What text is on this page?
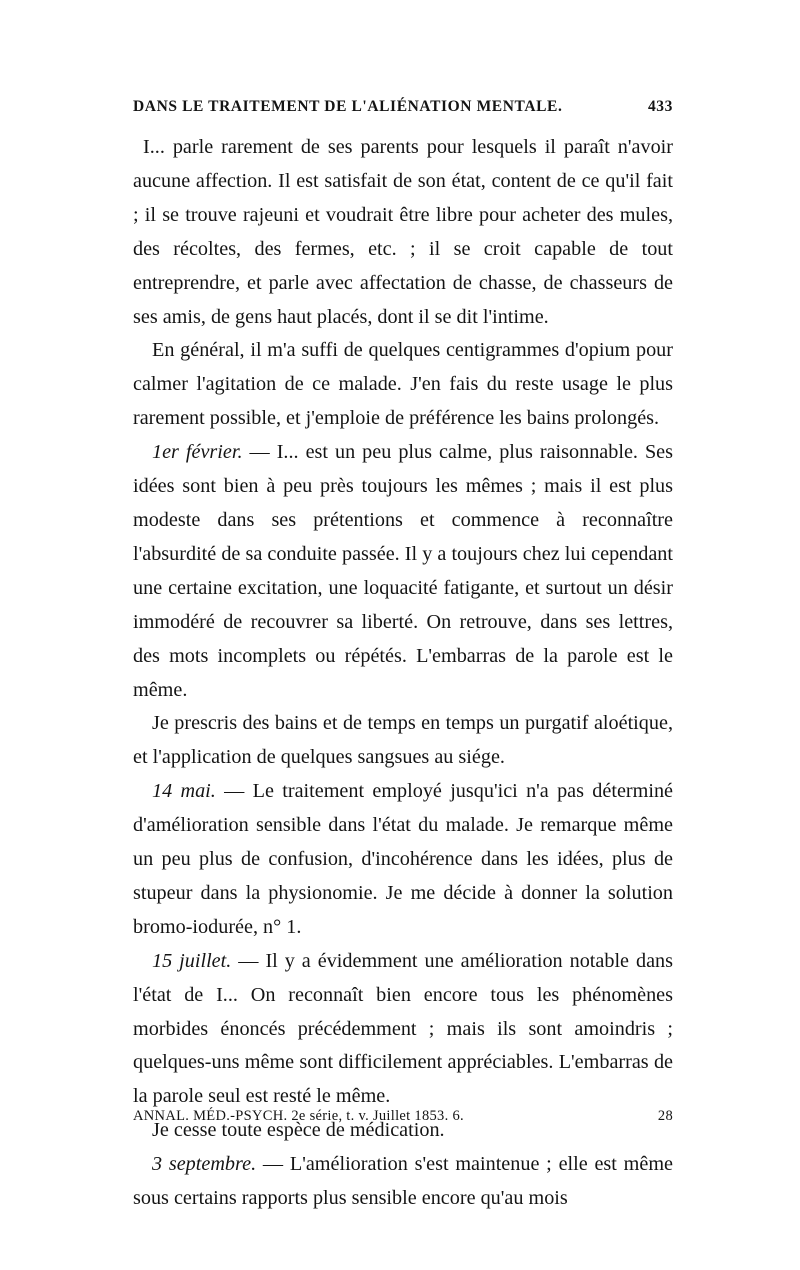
DANS LE TRAITEMENT DE L'ALIÉNATION MENTALE.	433

I... parle rarement de ses parents pour lesquels il paraît n'avoir aucune affection. Il est satisfait de son état, content de ce qu'il fait ; il se trouve rajeuni et voudrait être libre pour acheter des mules, des récoltes, des fermes, etc. ; il se croit capable de tout entreprendre, et parle avec affectation de chasse, de chasseurs de ses amis, de gens haut placés, dont il se dit l'intime.

En général, il m'a suffi de quelques centigrammes d'opium pour calmer l'agitation de ce malade. J'en fais du reste usage le plus rarement possible, et j'emploie de préférence les bains prolongés.

1er février. — I... est un peu plus calme, plus raisonnable. Ses idées sont bien à peu près toujours les mêmes ; mais il est plus modeste dans ses prétentions et commence à reconnaître l'absurdité de sa conduite passée. Il y a toujours chez lui cependant une certaine excitation, une loquacité fatigante, et surtout un désir immodéré de recouvrer sa liberté. On retrouve, dans ses lettres, des mots incomplets ou répétés. L'embarras de la parole est le même.

Je prescris des bains et de temps en temps un purgatif aloétique, et l'application de quelques sangsues au siége.

14 mai. — Le traitement employé jusqu'ici n'a pas déterminé d'amélioration sensible dans l'état du malade. Je remarque même un peu plus de confusion, d'incohérence dans les idées, plus de stupeur dans la physionomie. Je me décide à donner la solution bromo-iodurée, n° 1.

15 juillet. — Il y a évidemment une amélioration notable dans l'état de I... On reconnaît bien encore tous les phénomènes morbides énoncés précédemment ; mais ils sont amoindris ; quelques-uns même sont difficilement appréciables. L'embarras de la parole seul est resté le même.

Je cesse toute espèce de médication.

3 septembre. — L'amélioration s'est maintenue ; elle est même sous certains rapports plus sensible encore qu'au mois

ANNAL. MÉD.-PSYCH. 2e série, t. v. Juillet 1853. 6.	28
